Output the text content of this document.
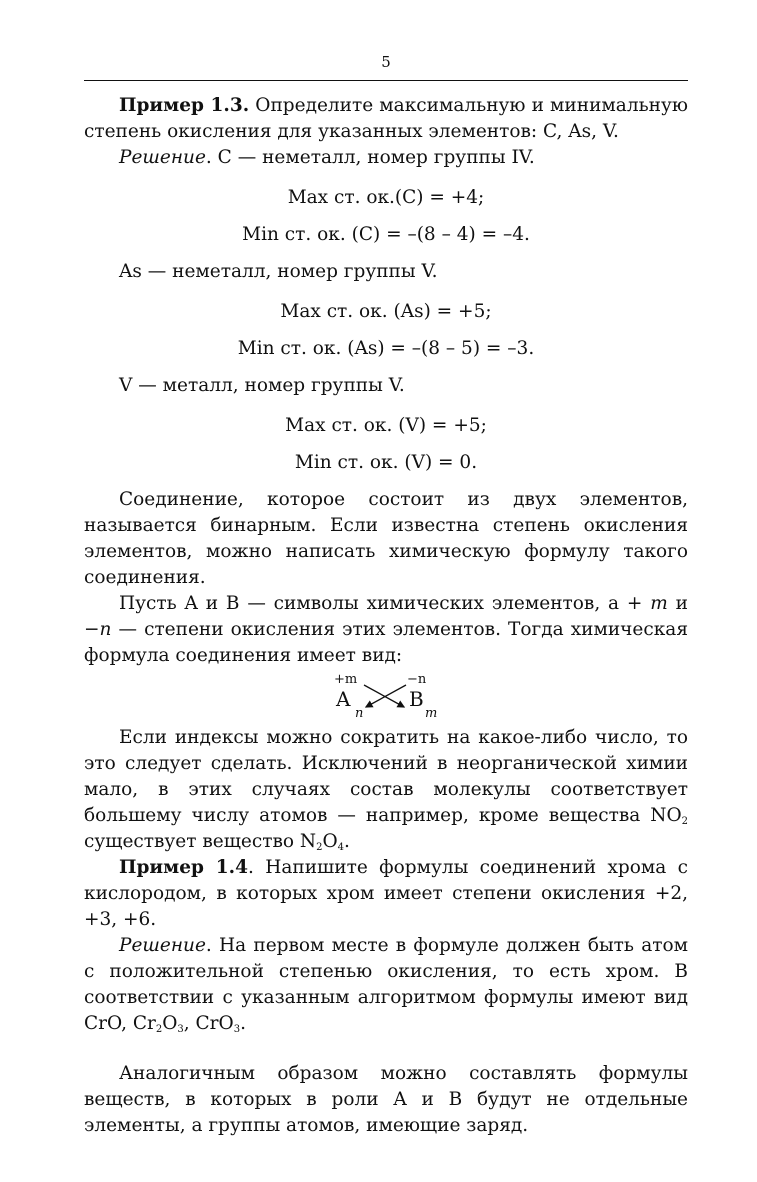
5

Пример 1.3. Определите максимальную и минимальную степень окисления для указанных элементов: C, As, V.

Решение. C — неметалл, номер группы IV.

Max ст. ок.(C) = +4;
Min ст. ок. (C) = –(8 – 4) = –4.

As — неметалл, номер группы V.

Max ст. ок. (As) = +5;
Min ст. ок. (As) = –(8 – 5) = –3.

V — металл, номер группы V.

Max ст. ок. (V) = +5;
Min ст. ок. (V) = 0.

Соединение, которое состоит из двух элементов, называется бинарным. Если известна степень окисления элементов, можно написать химическую формулу такого соединения.

Пусть A и B — символы химических элементов, a + m и −n — степени окисления этих элементов. Тогда химическая формула соединения имеет вид:

+m	−n
A	B
n	m

Если индексы можно сократить на какое-либо число, то это следует сделать. Исключений в неорганической химии мало, в этих случаях состав молекулы соответствует большему числу атомов — например, кроме вещества $NO_2$ существует вещество $N_2O_4$.

Пример 1.4. Напишите формулы соединений хрома с кислородом, в которых хром имеет степени окисления +2, +3, +6.

Решение. На первом месте в формуле должен быть атом с положительной степенью окисления, то есть хром. В соответствии с указанным алгоритмом формулы имеют вид CrO, $Cr_2O_3$, CrO$_3$.

Аналогичным образом можно составлять формулы веществ, в которых в роли A и B будут не отдельные элементы, а группы атомов, имеющие заряд.
